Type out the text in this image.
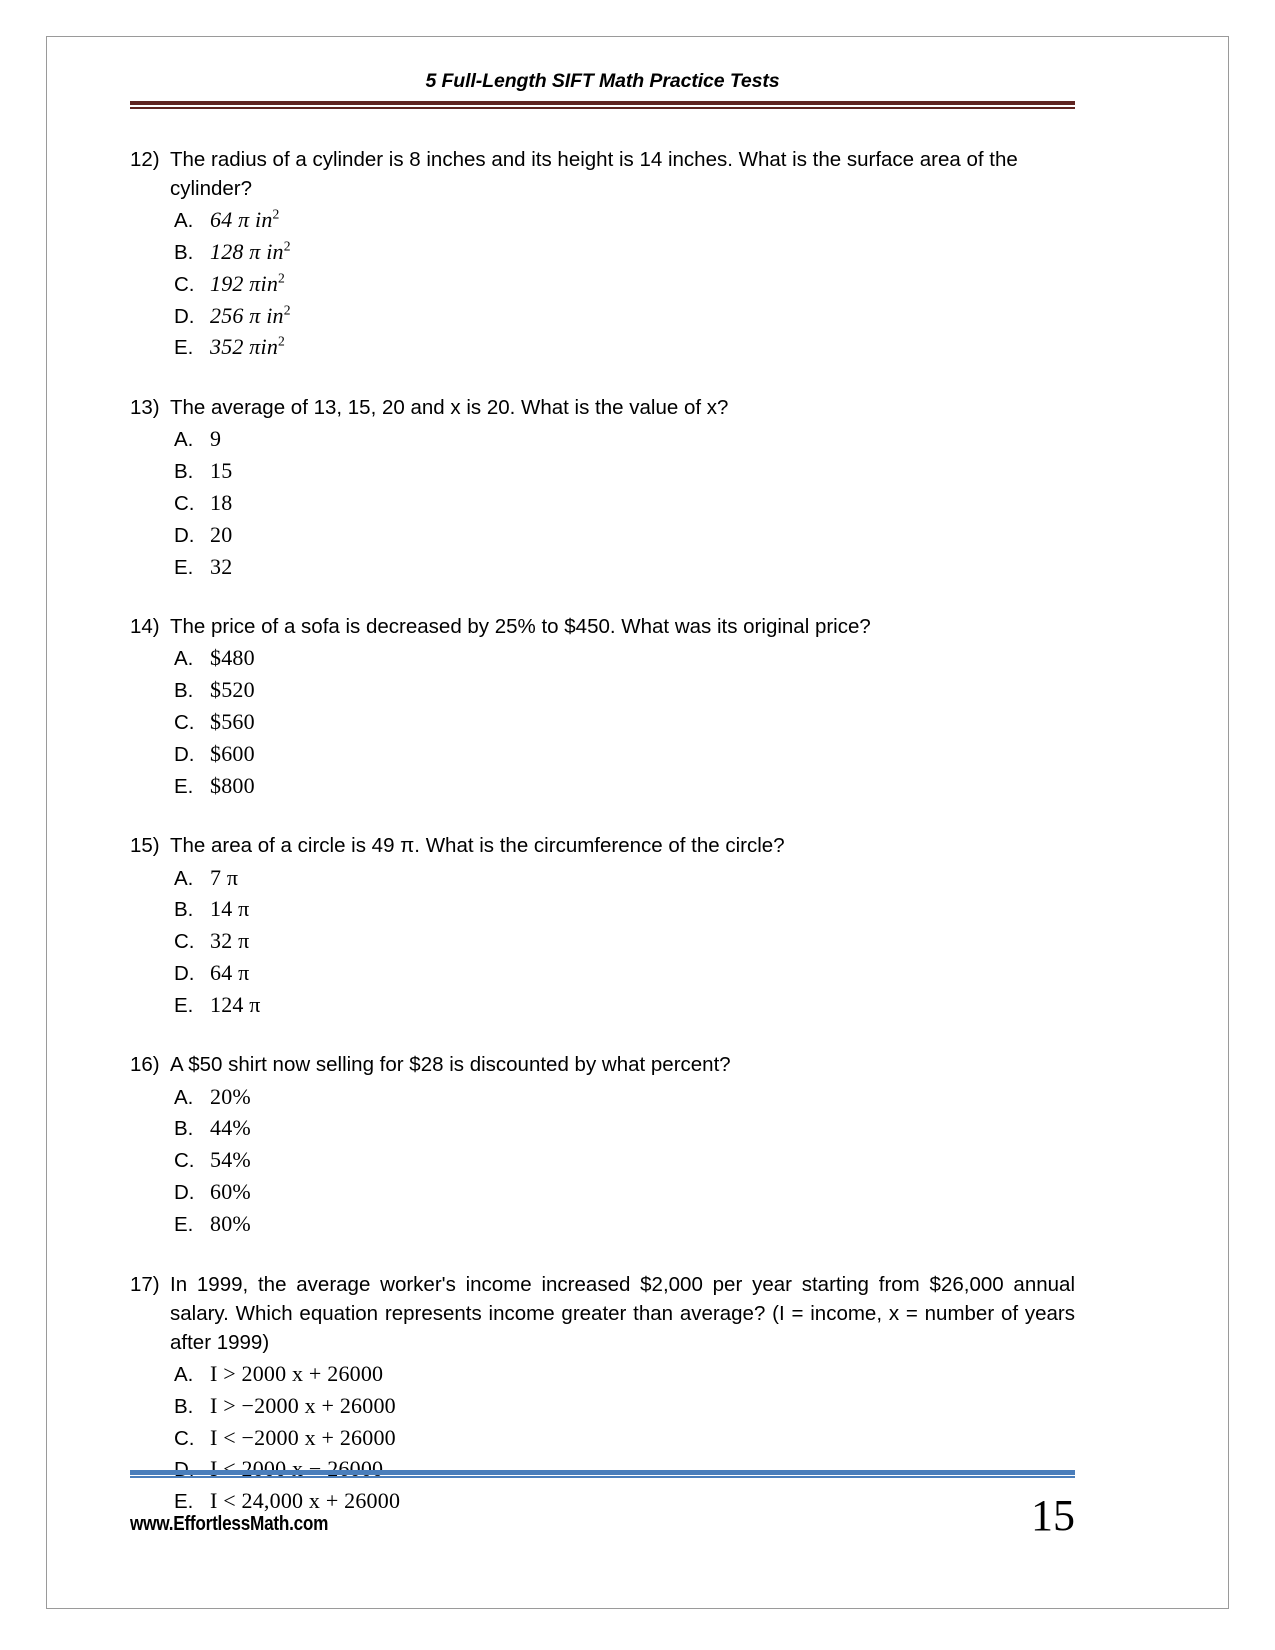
5 Full-Length SIFT Math Practice Tests
12) The radius of a cylinder is 8 inches and its height is 14 inches. What is the surface area of the cylinder?
A. 64 π $in^2$
B. 128 π $in^2$
C. 192 πin$^2$
D. 256 π $in^2$
E. 352 πin$^2$
13) The average of 13, 15, 20 and x is 20. What is the value of x?
A. 9
B. 15
C. 18
D. 20
E. 32
14) The price of a sofa is decreased by 25% to $450. What was its original price?
A. $480
B. $520
C. $560
D. $600
E. $800
15) The area of a circle is 49 π. What is the circumference of the circle?
A. 7 π
B. 14 π
C. 32 π
D. 64 π
E. 124 π
16) A $50 shirt now selling for $28 is discounted by what percent?
A. 20%
B. 44%
C. 54%
D. 60%
E. 80%
17) In 1999, the average worker's income increased $2,000 per year starting from $26,000 annual salary. Which equation represents income greater than average? (I = income, x = number of years after 1999)
A. I > 2000 x + 26000
B. I > −2000 x + 26000
C. I < −2000 x + 26000
D. I < 2000 x − 26000
E. I < 24,000 x + 26000
www.EffortlessMath.com	15
